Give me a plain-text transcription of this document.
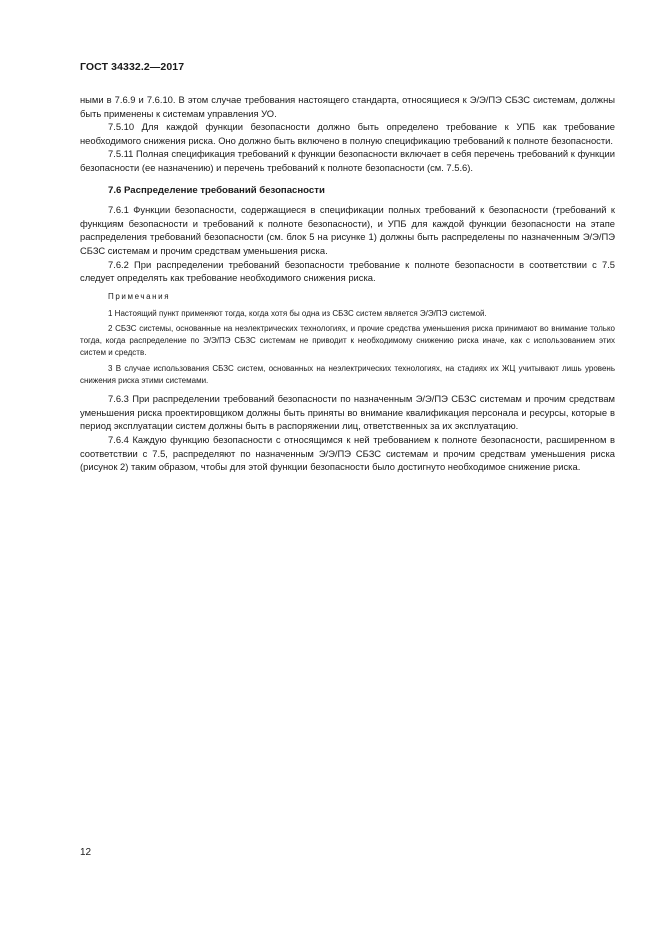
ГОСТ 34332.2—2017

ными в 7.6.9 и 7.6.10. В этом случае требования настоящего стандарта, относящиеся к Э/Э/ПЭ СБЗС системам, должны быть применены к системам управления УО.

7.5.10 Для каждой функции безопасности должно быть определено требование к УПБ как требование необходимого снижения риска. Оно должно быть включено в полную спецификацию требований к полноте безопасности.

7.5.11 Полная спецификация требований к функции безопасности включает в себя перечень требований к функции безопасности (ее назначению) и перечень требований к полноте безопасности (см. 7.5.6).

7.6 Распределение требований безопасности

7.6.1 Функции безопасности, содержащиеся в спецификации полных требований к безопасности (требований к функциям безопасности и требований к полноте безопасности), и УПБ для каждой функции безопасности на этапе распределения требований безопасности (см. блок 5 на рисунке 1) должны быть распределены по назначенным Э/Э/ПЭ СБЗС системам и прочим средствам уменьшения риска.

7.6.2 При распределении требований безопасности требование к полноте безопасности в соответствии с 7.5 следует определять как требование необходимого снижения риска.

Примечания

1 Настоящий пункт применяют тогда, когда хотя бы одна из СБЗС систем является Э/Э/ПЭ системой.

2 СБЗС системы, основанные на неэлектрических технологиях, и прочие средства уменьшения риска принимают во внимание только тогда, когда распределение по Э/Э/ПЭ СБЗС системам не приводит к необходимому снижению риска иначе, как с использованием этих систем и средств.

3 В случае использования СБЗС систем, основанных на неэлектрических технологиях, на стадиях их ЖЦ учитывают лишь уровень снижения риска этими системами.

7.6.3 При распределении требований безопасности по назначенным Э/Э/ПЭ СБЗС системам и прочим средствам уменьшения риска проектировщиком должны быть приняты во внимание квалификация персонала и ресурсы, которые в период эксплуатации систем должны быть в распоряжении лиц, ответственных за их эксплуатацию.

7.6.4 Каждую функцию безопасности с относящимся к ней требованием к полноте безопасности, расширенном в соответствии с 7.5, распределяют по назначенным Э/Э/ПЭ СБЗС системам и прочим средствам уменьшения риска (рисунок 2) таким образом, чтобы для этой функции безопасности было достигнуто необходимое снижение риска.

12
